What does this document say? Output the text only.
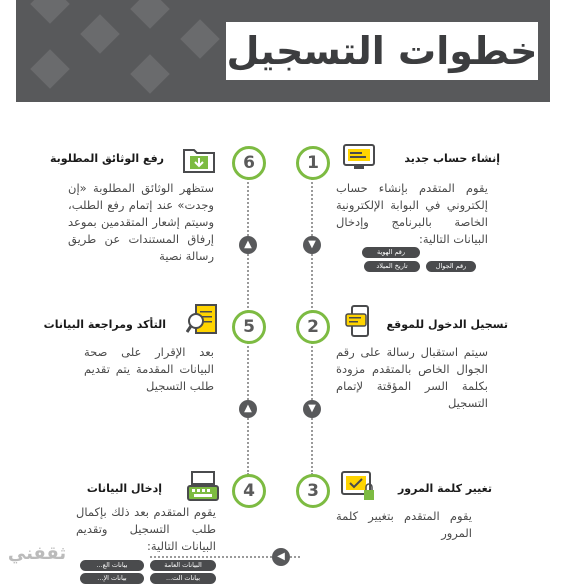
خطوات التسجيل
1
6
2
5
3
4
▼
▲
▼
▲
◀
إنشاء حساب جديد
رفع الوثائق المطلوبة
تسجيل الدخول للموقع
التأكد ومراجعة البيانات
تغيير كلمة المرور
إدخال البيانات
يقوم المتقدم بإنشاء حساب إلكتروني في البوابة الإلكترونية الخاصة بالبرنامج وإدخال البيانات التالية:
ستظهر الوثائق المطلوبة «إن وجدت» عند إتمام رفع الطلب، وسيتم إشعار المتقدمين بموعد إرفاق المستندات عن طريق رسالة نصية
سيتم استقبال رسالة على رقم الجوال الخاص بالمتقدم مزودة بكلمة السر المؤقتة لإتمام التسجيل
بعد الإقرار على صحة البيانات المقدمة يتم تقديم طلب التسجيل
يقوم المتقدم بتغيير كلمة المرور
يقوم المتقدم بعد ذلك بإكمال طلب التسجيل وتقديم البيانات التالية:
رقم الهوية
رقم الجوال
تاريخ الميلاد
البيانات العامة
بيانات الع...
بيانات الت...
بيانات الإ...
ثقفني
